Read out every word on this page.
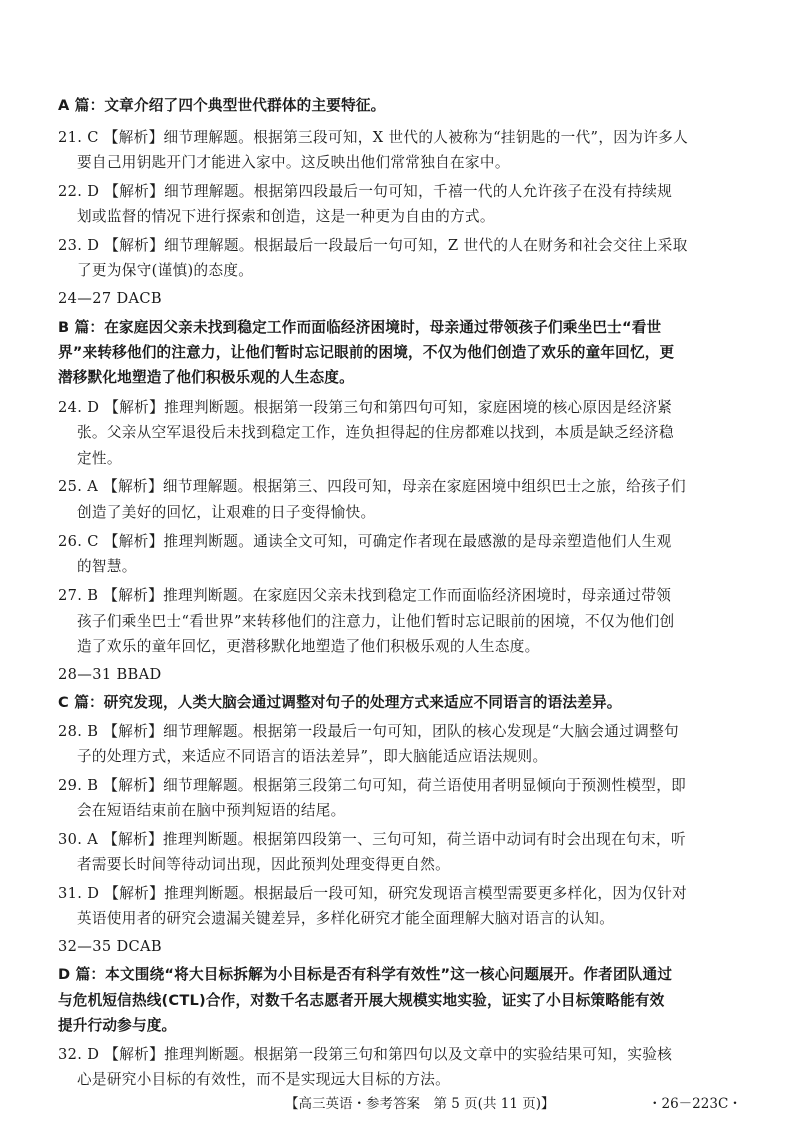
A 篇：文章介绍了四个典型世代群体的主要特征。
21. C 【解析】细节理解题。根据第三段可知，X 世代的人被称为“挂钥匙的一代”，因为许多人
要自己用钥匙开门才能进入家中。这反映出他们常常独自在家中。
22. D 【解析】细节理解题。根据第四段最后一句可知，千禧一代的人允许孩子在没有持续规
划或监督的情况下进行探索和创造，这是一种更为自由的方式。
23. D 【解析】细节理解题。根据最后一段最后一句可知，Z 世代的人在财务和社会交往上采取
了更为保守(谨慎)的态度。
24—27 DACB
B 篇：在家庭因父亲未找到稳定工作而面临经济困境时，母亲通过带领孩子们乘坐巴士“看世
界”来转移他们的注意力，让他们暂时忘记眼前的困境，不仅为他们创造了欢乐的童年回忆，更
潜移默化地塑造了他们积极乐观的人生态度。
24. D 【解析】推理判断题。根据第一段第三句和第四句可知，家庭困境的核心原因是经济紧
张。父亲从空军退役后未找到稳定工作，连负担得起的住房都难以找到，本质是缺乏经济稳
定性。
25. A 【解析】细节理解题。根据第三、四段可知，母亲在家庭困境中组织巴士之旅，给孩子们
创造了美好的回忆，让艰难的日子变得愉快。
26. C 【解析】推理判断题。通读全文可知，可确定作者现在最感激的是母亲塑造他们人生观
的智慧。
27. B 【解析】推理判断题。在家庭因父亲未找到稳定工作而面临经济困境时，母亲通过带领
孩子们乘坐巴士“看世界”来转移他们的注意力，让他们暂时忘记眼前的困境，不仅为他们创
造了欢乐的童年回忆，更潜移默化地塑造了他们积极乐观的人生态度。
28—31 BBAD
C 篇：研究发现，人类大脑会通过调整对句子的处理方式来适应不同语言的语法差异。
28. B 【解析】细节理解题。根据第一段最后一句可知，团队的核心发现是“大脑会通过调整句
子的处理方式，来适应不同语言的语法差异”，即大脑能适应语法规则。
29. B 【解析】细节理解题。根据第三段第二句可知，荷兰语使用者明显倾向于预测性模型，即
会在短语结束前在脑中预判短语的结尾。
30. A 【解析】推理判断题。根据第四段第一、三句可知，荷兰语中动词有时会出现在句末，听
者需要长时间等待动词出现，因此预判处理变得更自然。
31. D 【解析】推理判断题。根据最后一段可知，研究发现语言模型需要更多样化，因为仅针对
英语使用者的研究会遗漏关键差异，多样化研究才能全面理解大脑对语言的认知。
32—35 DCAB
D 篇：本文围绕“将大目标拆解为小目标是否有科学有效性”这一核心问题展开。作者团队通过
与危机短信热线(CTL)合作，对数千名志愿者开展大规模实地实验，证实了小目标策略能有效
提升行动参与度。
32. D 【解析】推理判断题。根据第一段第三句和第四句以及文章中的实验结果可知，实验核
心是研究小目标的有效性，而不是实现远大目标的方法。
【高三英语・参考答案　第 5 页(共 11 页)】	・26－223C・
